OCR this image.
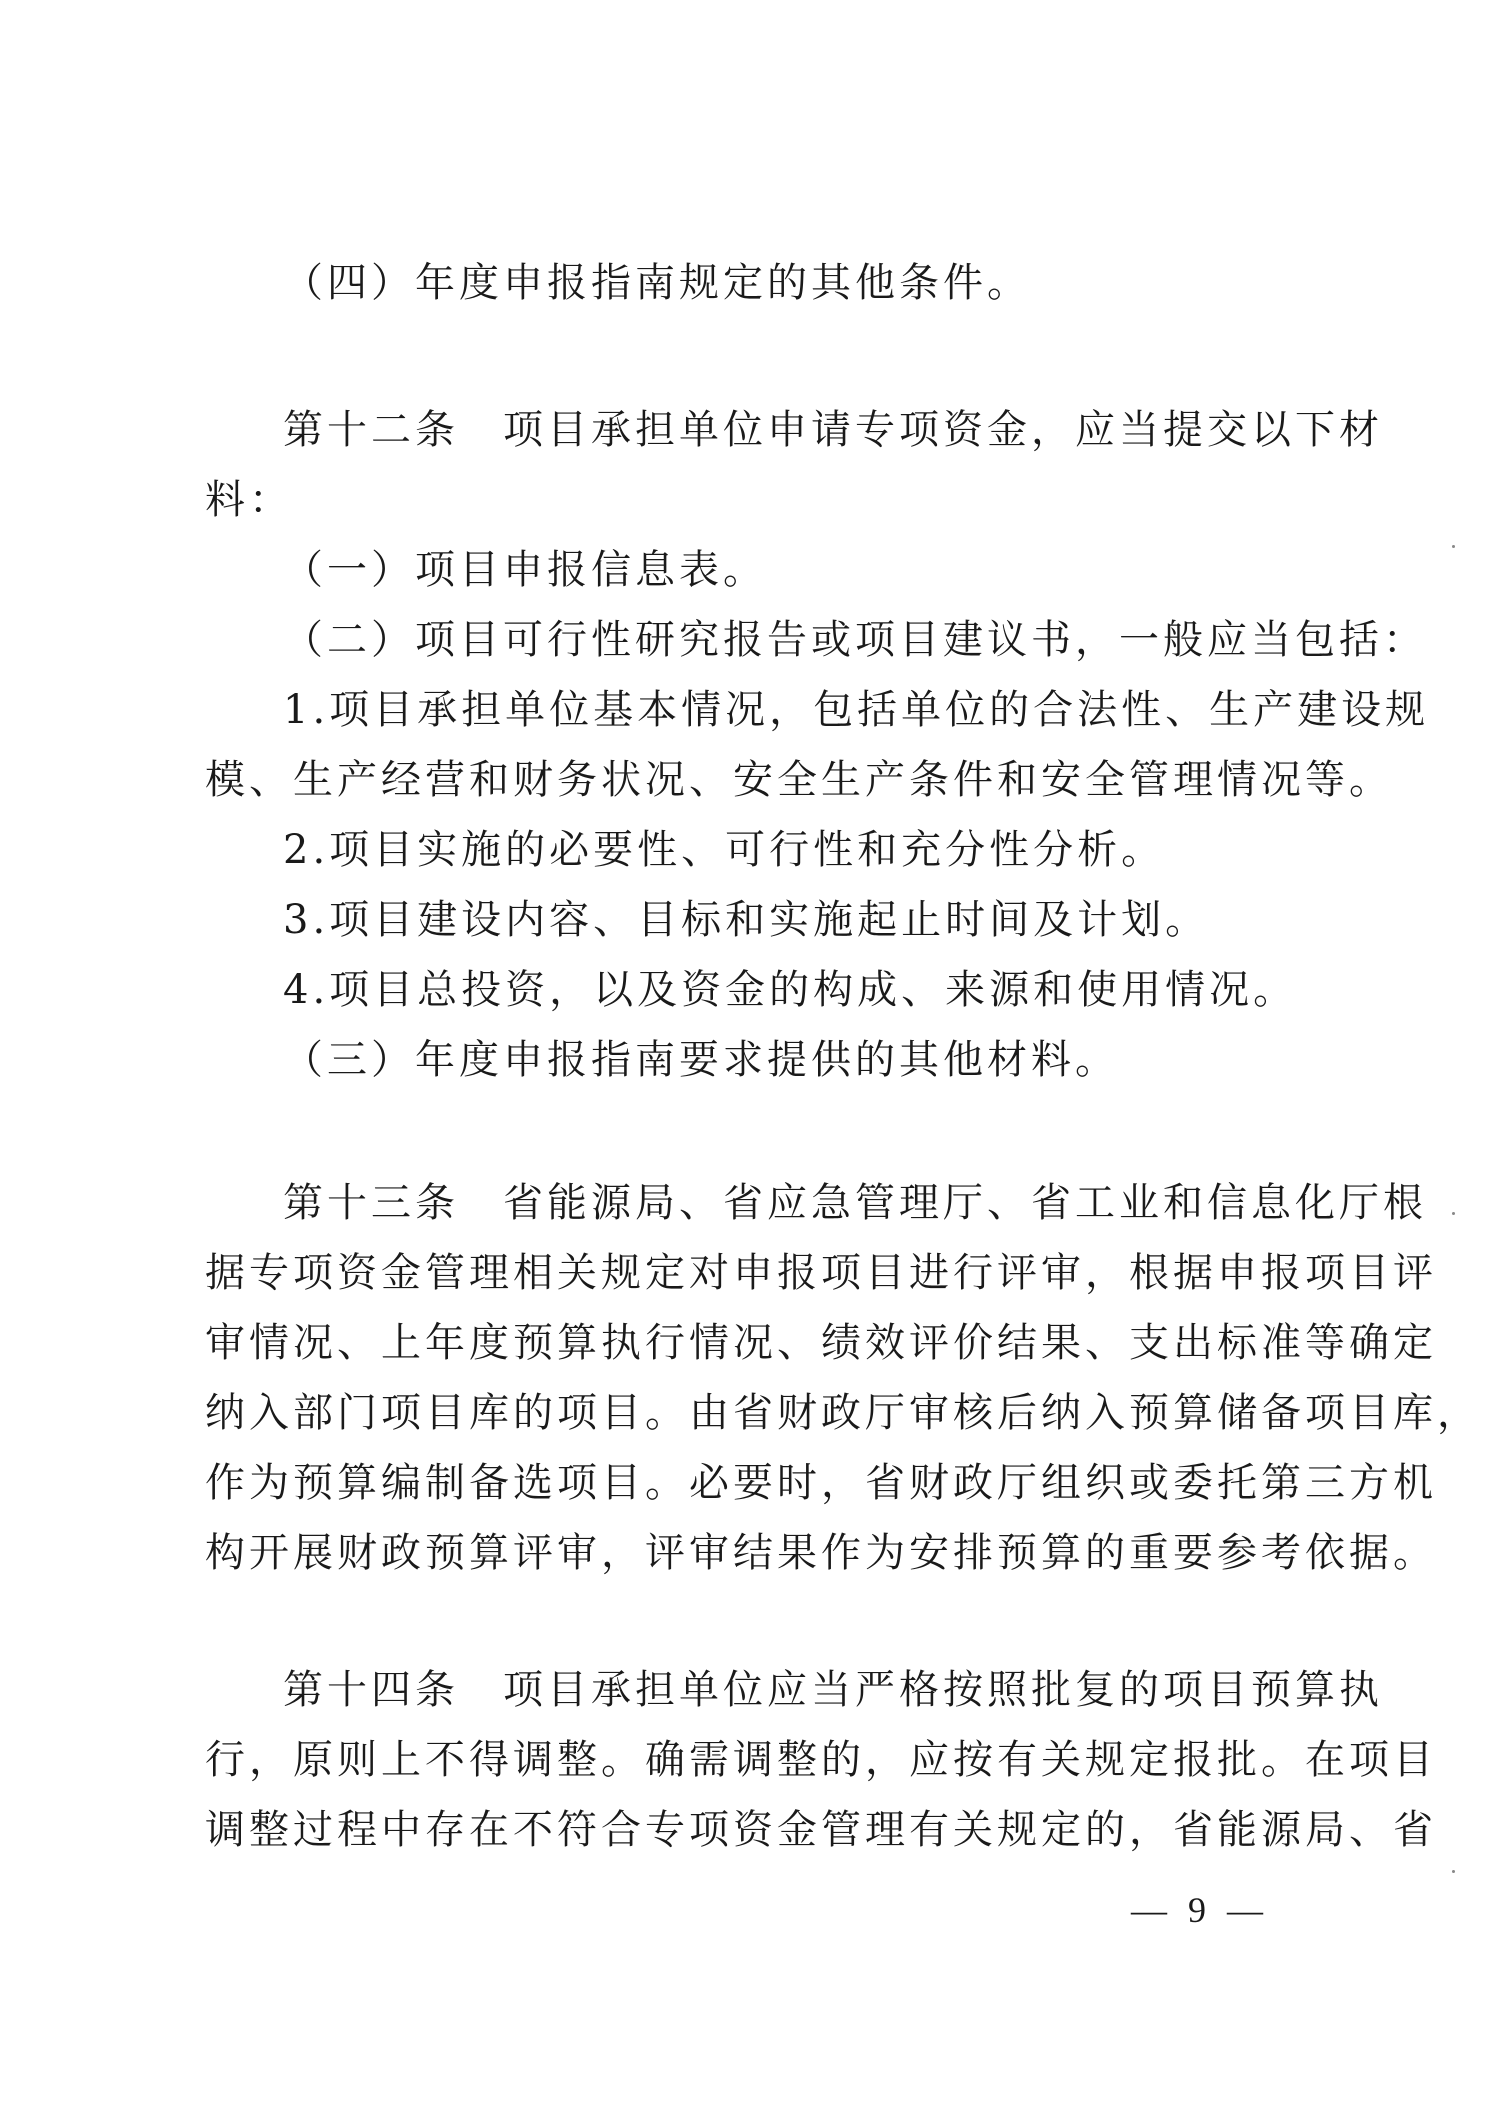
（四）年度申报指南规定的其他条件。
第十二条　项目承担单位申请专项资金，应当提交以下材
料：
（一）项目申报信息表。
（二）项目可行性研究报告或项目建议书，一般应当包括：
1.项目承担单位基本情况，包括单位的合法性、生产建设规
模、生产经营和财务状况、安全生产条件和安全管理情况等。
2.项目实施的必要性、可行性和充分性分析。
3.项目建设内容、目标和实施起止时间及计划。
4.项目总投资，以及资金的构成、来源和使用情况。
（三）年度申报指南要求提供的其他材料。
第十三条　省能源局、省应急管理厅、省工业和信息化厅根
据专项资金管理相关规定对申报项目进行评审，根据申报项目评
审情况、上年度预算执行情况、绩效评价结果、支出标准等确定
纳入部门项目库的项目。由省财政厅审核后纳入预算储备项目库，
作为预算编制备选项目。必要时，省财政厅组织或委托第三方机
构开展财政预算评审，评审结果作为安排预算的重要参考依据。
第十四条　项目承担单位应当严格按照批复的项目预算执
行，原则上不得调整。确需调整的，应按有关规定报批。在项目
调整过程中存在不符合专项资金管理有关规定的，省能源局、省
— 9 —
